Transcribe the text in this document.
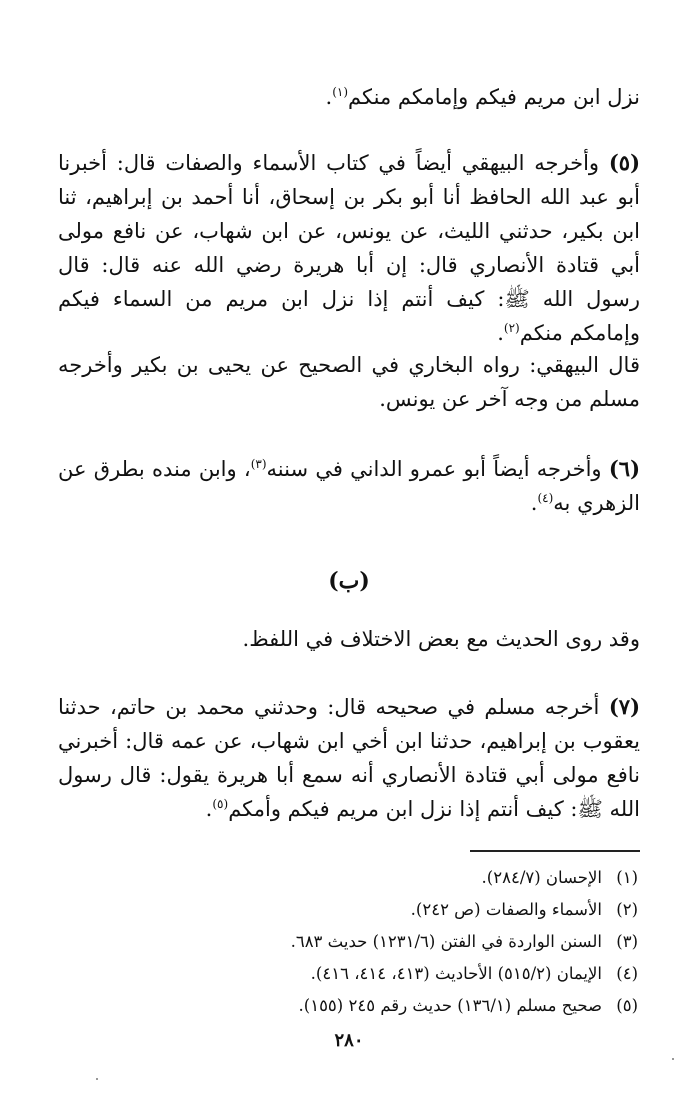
نزل ابن مريم فيكم وإمامكم منكم$^{(١)}$.

(٥) وأخرجه البيهقي أيضاً في كتاب الأسماء والصفات قال: أخبرنا أبو عبد الله الحافظ أنا أبو بكر بن إسحاق، أنا أحمد بن إبراهيم، ثنا ابن بكير، حدثني الليث، عن يونس، عن ابن شهاب، عن نافع مولى أبي قتادة الأنصاري قال: إن أبا هريرة رضي الله عنه قال: قال رسول الله ﷺ: كيف أنتم إذا نزل ابن مريم من السماء فيكم وإمامكم منكم$^{(٢)}$.

قال البيهقي: رواه البخاري في الصحيح عن يحيى بن بكير وأخرجه مسلم من وجه آخر عن يونس.

(٦) وأخرجه أيضاً أبو عمرو الداني في سننه$^{(٣)}$، وابن منده بطرق عن الزهري به$^{(٤)}$.

(ب)

وقد روى الحديث مع بعض الاختلاف في اللفظ.

(٧) أخرجه مسلم في صحيحه قال: وحدثني محمد بن حاتم، حدثنا يعقوب بن إبراهيم، حدثنا ابن أخي ابن شهاب، عن عمه قال: أخبرني نافع مولى أبي قتادة الأنصاري أنه سمع أبا هريرة يقول: قال رسول الله ﷺ: كيف أنتم إذا نزل ابن مريم فيكم وأمكم$^{(٥)}$.

(١)
الإحسان (٢٨٤/٧).
(٢)
الأسماء والصفات (ص ٢٤٢).
(٣)
السنن الواردة في الفتن (١٢٣١/٦) حديث ٦٨٣.
(٤)
الإيمان (٥١٥/٢) الأحاديث (٤١٣، ٤١٤، ٤١٦).
(٥)
صحيح مسلم (١٣٦/١) حديث رقم ٢٤٥ (١٥٥).
٢٨٠
